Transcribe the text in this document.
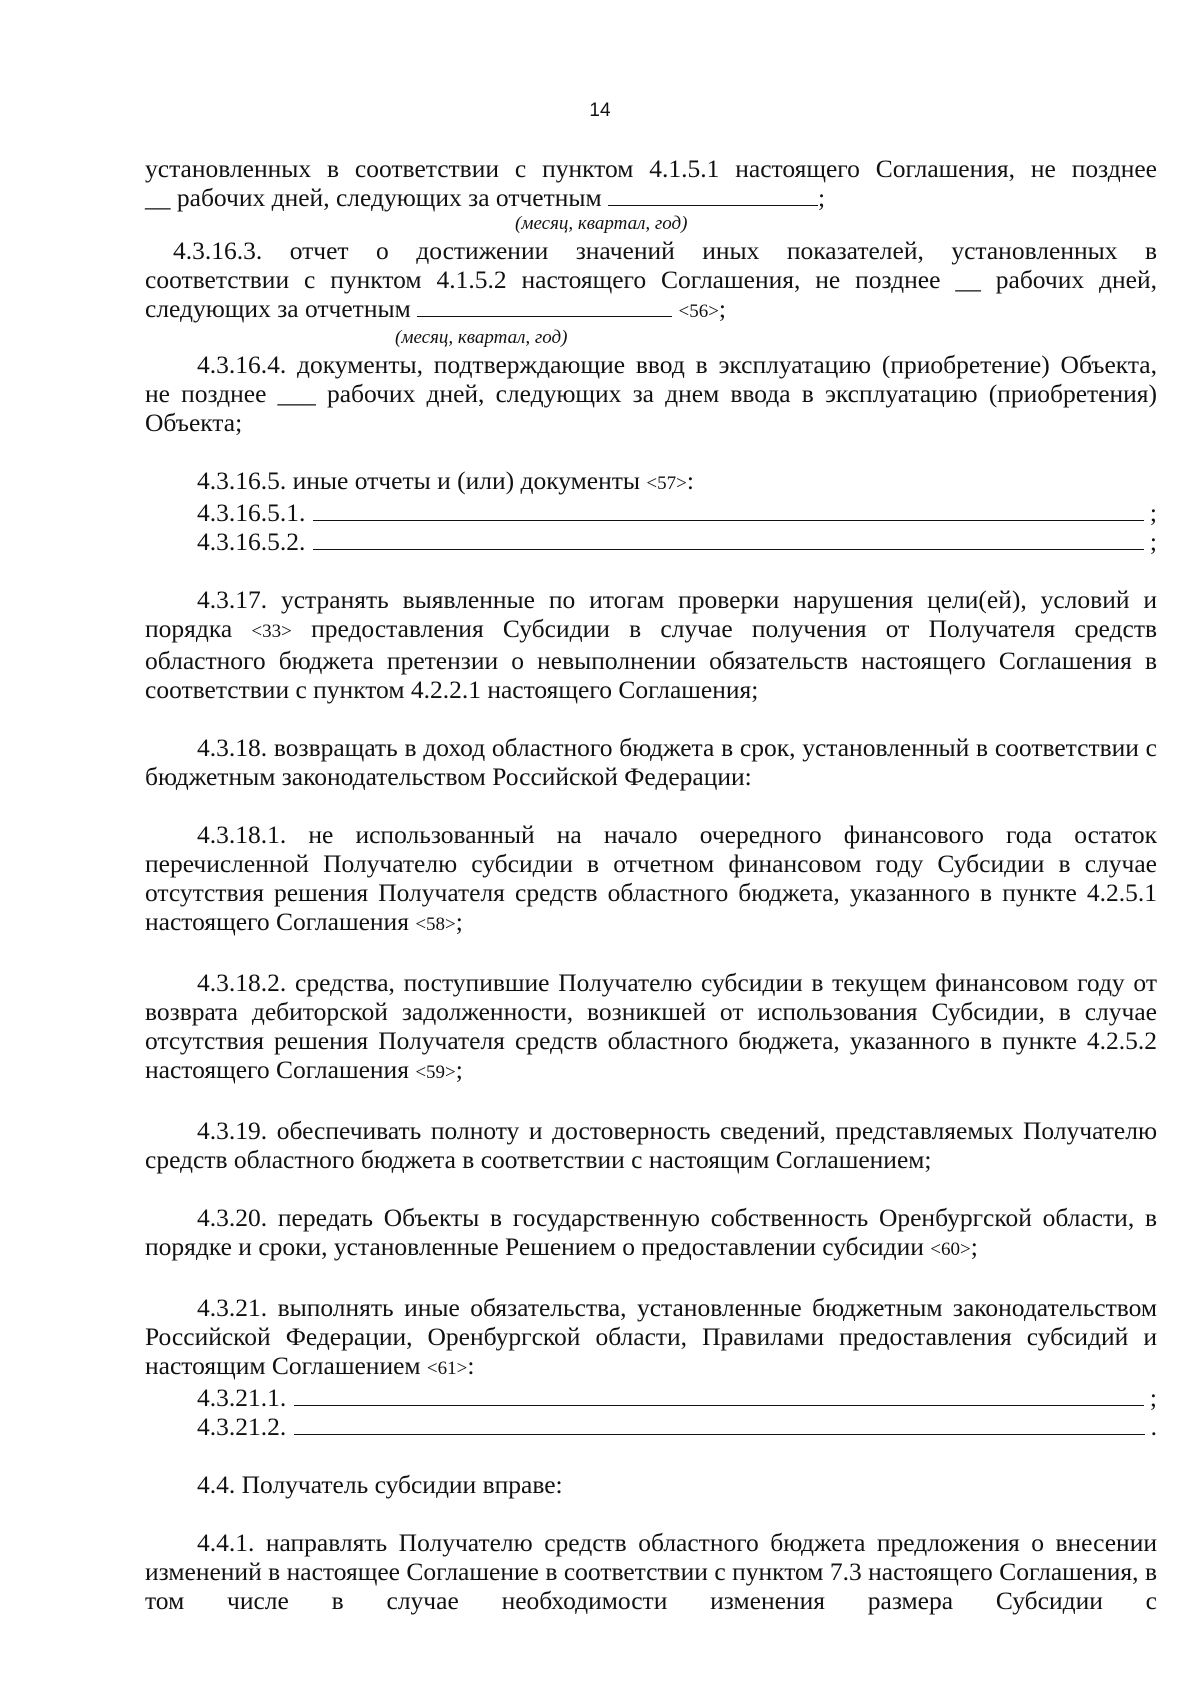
14

установленных в соответствии с пунктом 4.1.5.1 настоящего Соглашения, не позднее

__ рабочих дней, следующих за отчетным	;

(месяц, квартал, год)

4.3.16.3. отчет о достижении значений иных показателей, установленных в

соответствии с пунктом 4.1.5.2 настоящего Соглашения, не позднее __ рабочих дней,

следующих за отчетным	<56>;

(месяц, квартал, год)

4.3.16.4. документы, подтверждающие ввод в эксплуатацию (приобретение) Объекта, не позднее ___ рабочих дней, следующих за днем ввода в эксплуатацию (приобретения) Объекта;

4.3.16.5. иные отчеты и (или) документы <57>:

4.3.16.5.1.	;
4.3.16.5.2.	;

4.3.17. устранять выявленные по итогам проверки нарушения цели(ей), условий и порядка <33> предоставления Субсидии в случае получения от Получателя средств областного бюджета претензии о невыполнении обязательств настоящего Соглашения в соответствии с пунктом 4.2.2.1 настоящего Соглашения;

4.3.18. возвращать в доход областного бюджета в срок, установленный в соответствии с бюджетным законодательством Российской Федерации:

4.3.18.1. не использованный на начало очередного финансового года остаток перечисленной Получателю субсидии в отчетном финансовом году Субсидии в случае отсутствия решения Получателя средств областного бюджета, указанного в пункте 4.2.5.1 настоящего Соглашения <58>;

4.3.18.2. средства, поступившие Получателю субсидии в текущем финансовом году от возврата дебиторской задолженности, возникшей от использования Субсидии, в случае отсутствия решения Получателя средств областного бюджета, указанного в пункте 4.2.5.2 настоящего Соглашения <59>;

4.3.19. обеспечивать полноту и достоверность сведений, представляемых Получателю средств областного бюджета в соответствии с настоящим Соглашением;

4.3.20. передать Объекты в государственную собственность Оренбургской области, в порядке и сроки, установленные Решением о предоставлении субсидии <60>;

4.3.21. выполнять иные обязательства, установленные бюджетным законодательством Российской Федерации, Оренбургской области, Правилами предоставления субсидий и настоящим Соглашением <61>:

4.3.21.1.	;
4.3.21.2.	.

4.4. Получатель субсидии вправе:

4.4.1. направлять Получателю средств областного бюджета предложения о внесении изменений в настоящее Соглашение в соответствии с пунктом 7.3 настоящего Соглашения, в том числе в случае необходимости изменения размера Субсидии с
